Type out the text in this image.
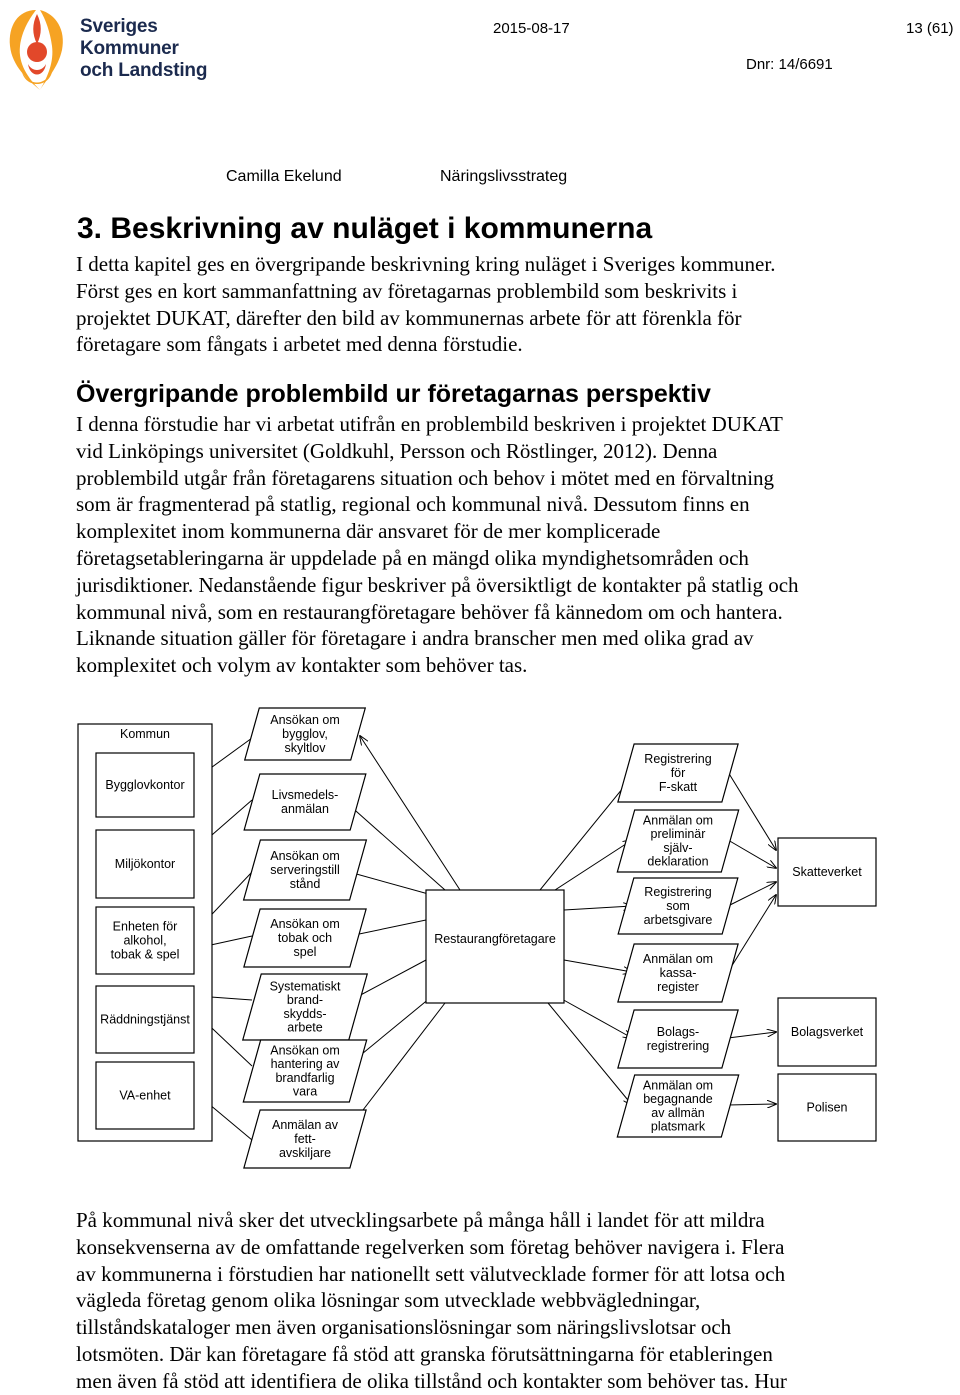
Sveriges
Kommuner
och Landsting
2015-08-17	13 (61)
Dnr: 14/6691
Camilla Ekelund	Näringslivsstrateg
3. Beskrivning av nuläget i kommunerna
I detta kapitel ges en övergripande beskrivning kring nuläget i Sveriges kommuner.
Först ges en kort sammanfattning av företagarnas problembild som beskrivits i
projektet DUKAT, därefter den bild av kommunernas arbete för att förenkla för
företagare som fångats i arbetet med denna förstudie.
Övergripande problembild ur företagarnas perspektiv
I denna förstudie har vi arbetat utifrån en problembild beskriven i projektet DUKAT
vid Linköpings universitet (Goldkuhl, Persson och Röstlinger, 2012). Denna
problembild utgår från företagarens situation och behov i mötet med en förvaltning
som är fragmenterad på statlig, regional och kommunal nivå. Dessutom finns en
komplexitet inom kommunerna där ansvaret för de mer komplicerade
företagsetableringarna är uppdelade på en mängd olika myndighetsområden och
jurisdiktioner. Nedanstående figur beskriver på översiktligt de kontakter på statlig och
kommunal nivå, som en restaurangföretagare behöver få kännedom om och hantera.
Liknande situation gäller för företagare i andra branscher men med olika grad av
komplexitet och volym av kontakter som behöver tas.
Kommun
Bygglovkontor
Miljökontor
Enheten för alkohol, tobak & spel
Räddningstjänst
VA-enhet
Restaurangföretagare
Ansökan om bygglov, skyltlov
Livsmedels-anmälan
Ansökan om serveringstill stånd
Ansökan om tobak och spel
Systematiskt brand-skydds-arbete
Ansökan om hantering av brandfarlig vara
Anmälan av fett-avskiljare
Registrering för F-skatt
Anmälan om preliminär själv-deklaration
Registrering som arbetsgivare
Anmälan om kassa-register
Bolags-registrering
Anmälan om begagnande av allmän platsmark
Skatteverket
Bolagsverket
Polisen
På kommunal nivå sker det utvecklingsarbete på många håll i landet för att mildra
konsekvenserna av de omfattande regelverken som företag behöver navigera i. Flera
av kommunerna i förstudien har nationellt sett välutvecklade former för att lotsa och
vägleda företag genom olika lösningar som utvecklade webbvägledningar,
tillståndskataloger men även organisationslösningar som näringslivslotsar och
lotsmöten. Där kan företagare få stöd att granska förutsättningarna för etableringen
men även få stöd att identifiera de olika tillstånd och kontakter som behöver tas. Hur
